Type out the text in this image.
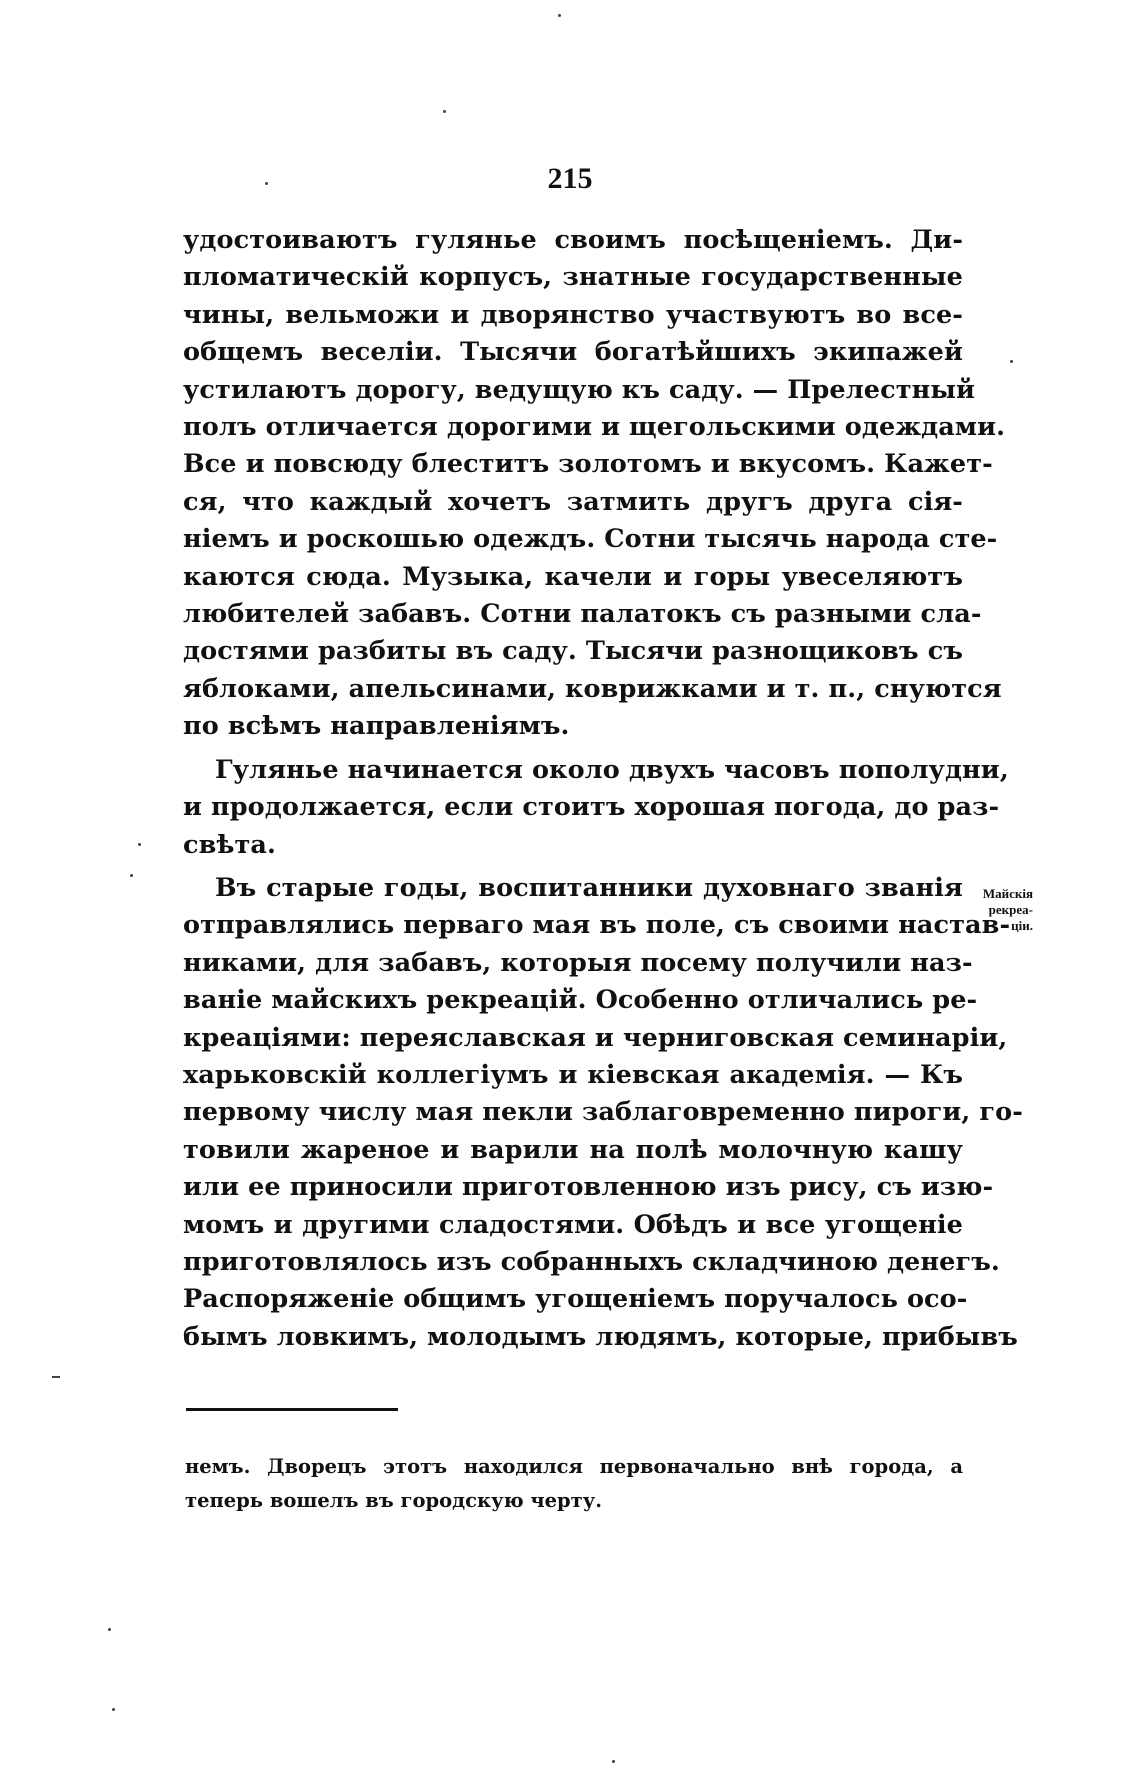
215
удостоиваютъ гулянье своимъ посѣщеніемъ. Ди-
пломатическій корпусъ, знатные государственные
чины, вельможи и дворянство участвуютъ во все-
общемъ веселіи. Тысячи богатѣйшихъ экипажей
устилаютъ дорогу, ведущую къ саду. — Прелестный
полъ отличается дорогими и щегольскими одеждами.
Все и повсюду блеститъ золотомъ и вкусомъ. Кажет-
ся, что каждый хочетъ затмить другъ друга сія-
ніемъ и роскошью одеждъ. Сотни тысячь народа сте-
каются сюда. Музыка, качели и горы увеселяютъ
любителей забавъ. Сотни палатокъ съ разными сла-
достями разбиты въ саду. Тысячи разнощиковъ съ
яблоками, апельсинами, коврижками и т. п., снуются
по всѣмъ направленіямъ.
Гулянье начинается около двухъ часовъ пополудни,
и продолжается, если стоитъ хорошая погода, до раз-
свѣта.
Въ старые годы, воспитанники духовнаго званія
отправлялись перваго мая въ поле, съ своими настав-
никами, для забавъ, которыя посему получили наз-
ваніе майскихъ рекреацій. Особенно отличались ре-
креаціями: переяславская и черниговская семинаріи,
харьковскій коллегіумъ и кіевская академія. — Къ
первому числу мая пекли заблаговременно пироги, го-
товили жареное и варили на полѣ молочную кашу
или ее приносили приготовленною изъ рису, съ изю-
момъ и другими сладостями. Обѣдъ и все угощеніе
приготовлялось изъ собранныхъ складчиною денегъ.
Распоряженіе общимъ угощеніемъ поручалось осо-
бымъ ловкимъ, молодымъ людямъ, которые, прибывъ
Майскія
рекреа-
ціи.
немъ. Дворецъ этотъ находился первоначально внѣ города, а
теперь вошелъ въ городскую черту.
